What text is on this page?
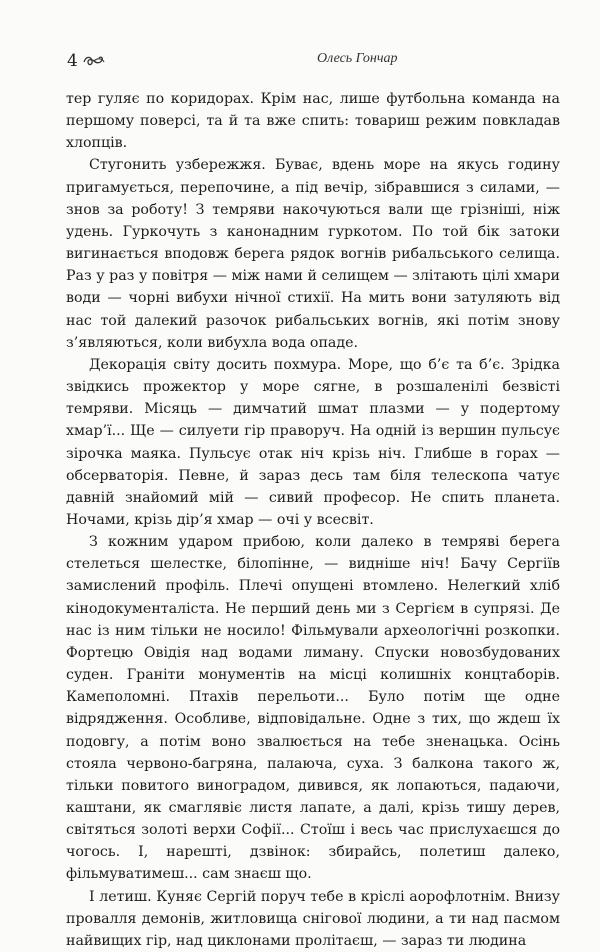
4	Олесь Гончар

тер гуляє по коридорах. Крім нас, лише футбольна команда на першому поверсі, та й та вже спить: товариш режим повкладав хлопців.

Стугонить узбережжя. Буває, вдень море на якусь годину пригамується, перепочине, а під вечір, зібравшися з силами, — знов за роботу! З темряви накочуються вали ще грізніші, ніж удень. Гуркочуть з канонадним гуркотом. По той бік затоки вигинається вподовж берега рядок вогнів рибальського селища. Раз у раз у повітря — між нами й селищем — злітають цілі хмари води — чорні вибухи нічної стихії. На мить вони затуляють від нас той далекий разочок рибальських вогнів, які потім знову з’являються, коли вибухла вода опаде.

Декорація світу досить похмура. Море, що б’є та б’є. Зрідка звідкись прожектор у море сягне, в розшаленілі безвісті темряви. Місяць — димчатий шмат плазми — у подертому хмар’ї... Ще — силуети гір праворуч. На одній із вершин пульсує зірочка маяка. Пульсує отак ніч крізь ніч. Глибше в горах — обсерваторія. Певне, й зараз десь там біля телескопа чатує давній знайомий мій — сивий професор. Не спить планета. Ночами, крізь дір’я хмар — очі у всесвіт.

З кожним ударом прибою, коли далеко в темряві берега стелеться шелестке, білопінне, — видніше ніч! Бачу Сергіїв замислений профіль. Плечі опущені втомлено. Нелегкий хліб кінодокументаліста. Не перший день ми з Сергієм в супрязі. Де нас із ним тільки не носило! Фільмували археологічні розкопки. Фортецю Овідія над водами лиману. Спуски новозбудованих суден. Граніти монументів на місці колишніх концтаборів. Камеполомні. Птахів перельоти... Було потім ще одне відрядження. Особливе, відповідальне. Одне з тих, що ждеш їх подовгу, а потім воно звалюється на тебе зненацька. Осінь стояла червоно-багряна, палаюча, суха. З балкона такого ж, тільки повитого виноградом, дивився, як лопаються, падаючи, каштани, як смаглявіє листя лапате, а далі, крізь тишу дерев, світяться золоті верхи Софії... Стоїш і весь час прислухаєшся до чогось. І, нарешті, дзвінок: збирайсь, полетиш далеко, фільмуватимеш... сам знаєш що.

І летиш. Куняє Сергій поруч тебе в кріслі аорофлотнім. Внизу провалля демонів, житловища снігової людини, а ти над пасмом найвищих гір, над циклонами пролітаєш, — зараз ти людина
